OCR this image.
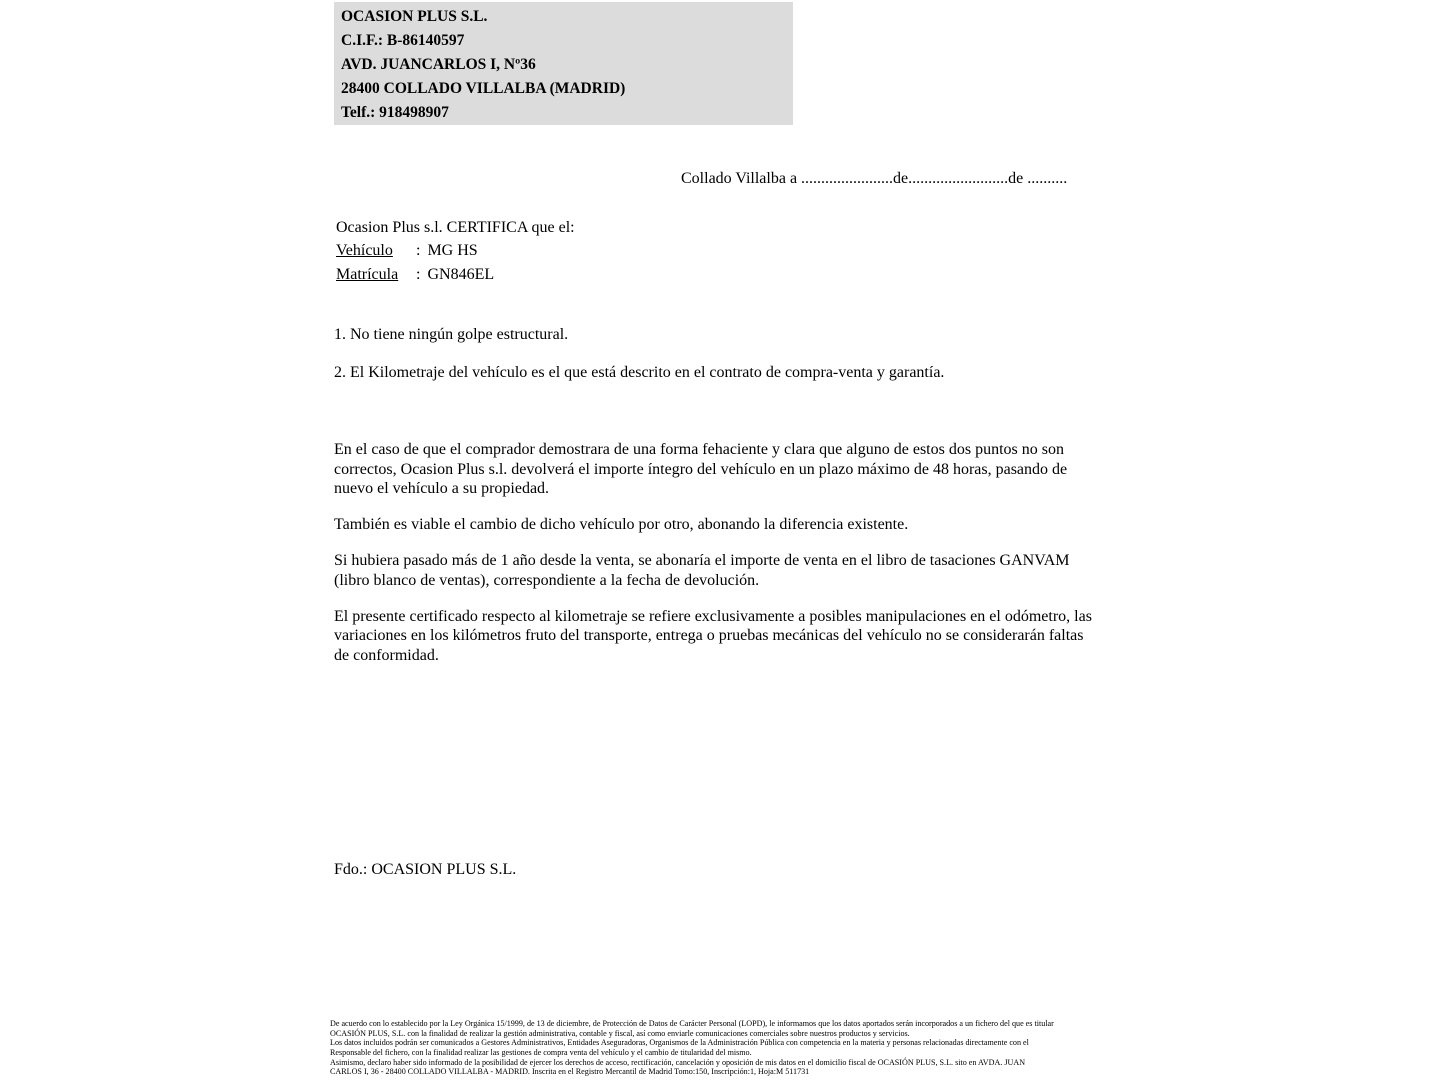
OCASION PLUS S.L.
C.I.F.: B-86140597
AVD. JUANCARLOS I, Nº36
28400 COLLADO VILLALBA (MADRID)
Telf.: 918498907
Collado Villalba a .......................de.........................de ..........
Ocasion Plus s.l. CERTIFICA que el:
Vehículo : MG HS
Matrícula : GN846EL
1. No tiene ningún golpe estructural.
2. El Kilometraje del vehículo es el que está descrito en el contrato de compra-venta y garantía.

En el caso de que el comprador demostrara de una forma fehaciente y clara que alguno de estos dos puntos no son correctos, Ocasion Plus s.l. devolverá el importe íntegro del vehículo en un plazo máximo de 48 horas, pasando de nuevo el vehículo a su propiedad.

También es viable el cambio de dicho vehículo por otro, abonando la diferencia existente.

Si hubiera pasado más de 1 año desde la venta, se abonaría el importe de venta en el libro de tasaciones GANVAM (libro blanco de ventas), correspondiente a la fecha de devolución.

El presente certificado respecto al kilometraje se refiere exclusivamente a posibles manipulaciones en el odómetro, las variaciones en los kilómetros fruto del transporte, entrega o pruebas mecánicas del vehículo no se considerarán faltas de conformidad.

Fdo.: OCASION PLUS S.L.
De acuerdo con lo establecido por la Ley Orgánica 15/1999, de 13 de diciembre, de Protección de Datos de Carácter Personal (LOPD), le informamos que los datos aportados serán incorporados a un fichero del que es titular
OCASIÓN PLUS, S.L. con la finalidad de realizar la gestión administrativa, contable y fiscal, así como enviarle comunicaciones comerciales sobre nuestros productos y servicios.
Los datos incluidos podrán ser comunicados a Gestores Administrativos, Entidades Aseguradoras, Organismos de la Administración Pública con competencia en la materia y personas relacionadas directamente con el
Responsable del fichero, con la finalidad realizar las gestiones de compra venta del vehículo y el cambio de titularidad del mismo.
Asimismo, declaro haber sido informado de la posibilidad de ejercer los derechos de acceso, rectificación, cancelación y oposición de mis datos en el domicilio fiscal de OCASIÓN PLUS, S.L. sito en AVDA. JUAN
CARLOS I, 36 - 28400 COLLADO VILLALBA - MADRID. Inscrita en el Registro Mercantil de Madrid Tomo:150, Inscripción:1, Hoja:M 511731
